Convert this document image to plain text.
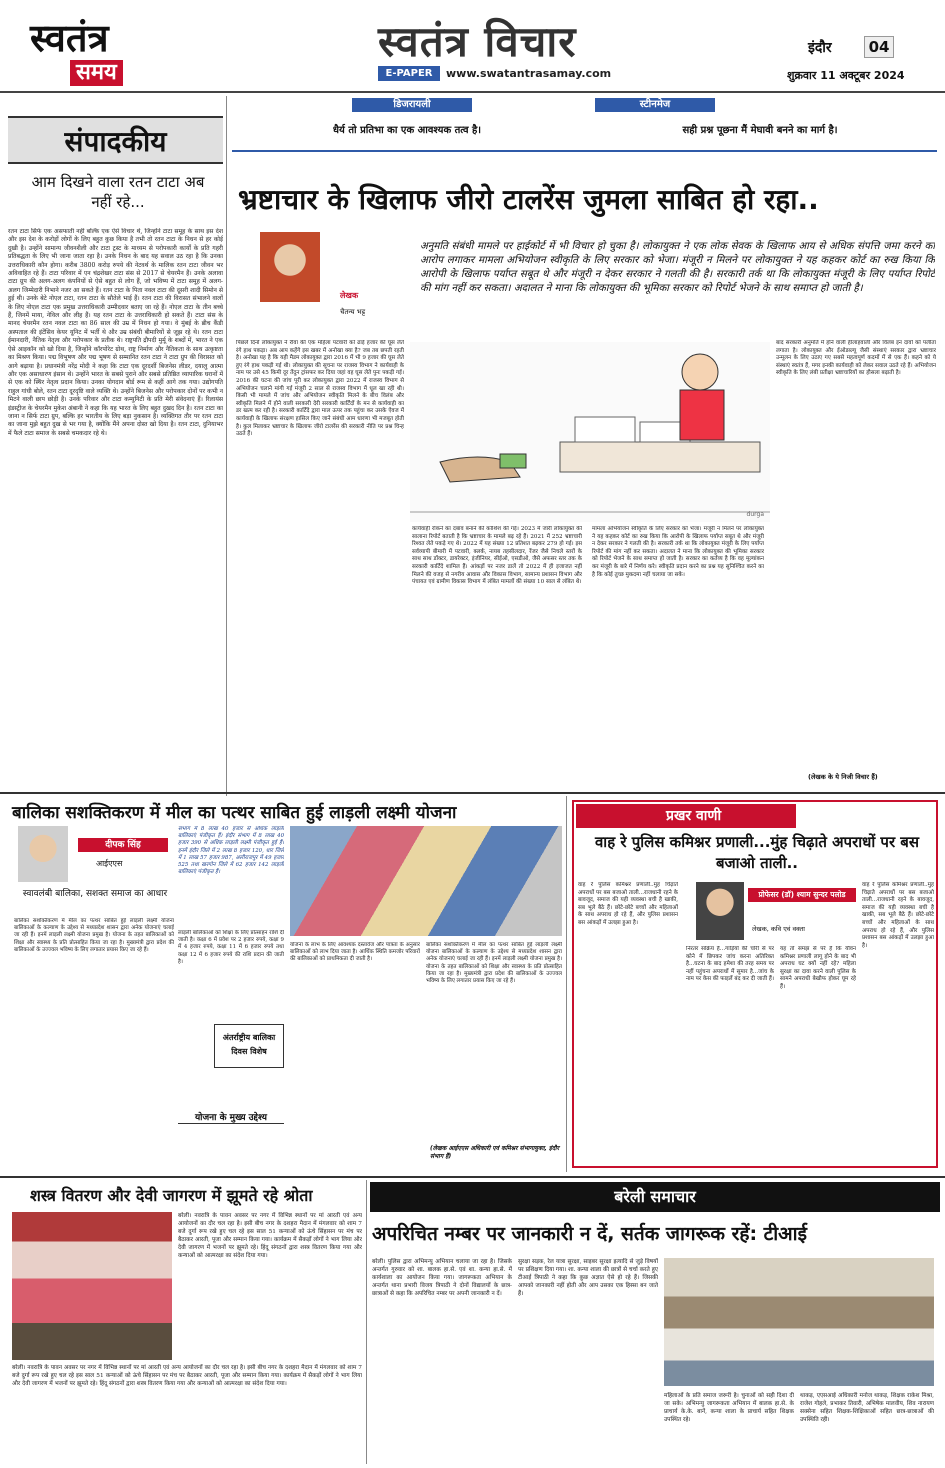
स्वतंत्र
समय
स्वतंत्र विचार
E-PAPER	www.swatantrasamay.com
इंदौर	04
शुक्रवार 11 अक्टूबर 2024
डिजरायली
धैर्य तो प्रतिभा का एक आवश्यक तत्व है।
स्टीनमेज
सही प्रश्न पूछना मैं मेघावी बनने का मार्ग है।
संपादकीय
आम दिखने वाला रतन टाटा अब नहीं रहे...
रतन टाटा सिर्फ एक असफाती नहीं बल्कि एक ऐसे विचार थे, जिन्होंने टाटा समूह के साथ इस देश और इस देश के करोड़ों लोगों के लिए बहुत कुछ किया है तभी तो रतन टाटा के निधन से हर कोई दुखी है। उन्होंने सामान्य जीवनशैली और टाटा ट्रस्ट के माध्यम से परोपकारी कार्यों के प्रति गहरी प्रतिबद्धता के लिए भी जाना जाता रहा है। उनके निधन के बाद यह सवाल उठ रहा है कि उनका उत्तराधिकारी कौन होगा। करीब 3800 करोड़ रुपये की नेटवर्थ के मालिक रतन टाटा जीवन भर अविवाहित रहे हैं। टाटा परिवार में एन चंद्रशेखर टाटा संस से 2017 से चेयरमैन हैं। उनके अलावा टाटा ग्रुप की अलग-अलग कंपनियों से ऐसे बहुत से लोग हैं, जो भविष्य में टाटा समूह में अलग-अलग जिम्मेदारी निभाने नजर आ सकते हैं। रतन टाटा के पिता नवल टाटा की दूसरी शादी सिमोन से हुई थी। उनके बेटे नोएल टाटा, रतन टाटा के सौतेले भाई हैं। रतन टाटा की विरासत संभालने वालों के लिए नोएल टाटा एक प्रमुख उत्तराधिकारी उम्मीदवार बताए जा रहे हैं। नोएल टाटा के तीन बच्चे हैं, जिनमें माया, नेविल और लीह हैं। यह रतन टाटा के उत्तराधिकारी हो सकते हैं। टाटा संस के मानद चेयरमैन रतन नवल टाटा का 86 साल की उम्र में निधन हो गया। वे मुंबई के ब्रीच कैंडी अस्पताल की इंटेंसिव केयर यूनिट में भर्ती थे और उम्र संबंधी बीमारियों से जूझ रहे थे। रतन टाटा ईमानदारी, नैतिक नेतृत्व और परोपकार के प्रतीक थे। राष्ट्रपति द्रौपदी मुर्मू के शब्दों में, भारत ने एक ऐसे आइकॉन को खो दिया है, जिन्होंने कॉरपोरेट ग्रोथ, राष्ट्र निर्माण और नैतिकता के साथ उत्कृष्टता का मिश्रण किया। पद्म विभूषण और पद्म भूषण से सम्मानित रतन टाटा ने टाटा ग्रुप की विरासत को आगे बढ़ाया है। प्रधानमंत्री नरेंद्र मोदी ने कहा कि टाटा एक दूरदर्शी बिजनेस लीडर, दयालु आत्मा और एक असाधारण इंसान थे। उन्होंने भारत के सबसे पुराने और सबसे प्रतिष्ठित व्यापारिक घरानों में से एक को स्थिर नेतृत्व प्रदान किया। उनका योगदान बोर्ड रूम से कहीं आगे तक गया। उद्योगपति राहुल गांधी बोले, रतन टाटा दूरदृष्टि वाले व्यक्ति थे। उन्होंने बिजनेस और परोपकार दोनों पर कभी न मिटने वाली छाप छोड़ी है। उनके परिवार और टाटा कम्युनिटी के प्रति मेरी संवेदनाएं हैं। रिलायंस इंडस्ट्रीज के चेयरमैन मुकेश अंबानी ने कहा कि यह भारत के लिए बहुत दुखद दिन है। रतन टाटा का जाना न सिर्फ टाटा ग्रुप, बल्कि हर भारतीय के लिए बड़ा नुकसान है। व्यक्तिगत तौर पर रतन टाटा का जाना मुझे बहुत दुख से भर गया है, क्योंकि मैंने अपना दोस्त खो दिया है। रतन टाटा, दुनियाभर में फैले टाटा समाज के सबसे चमकदार रहे थे।
भ्रष्टाचार के खिलाफ जीरो टालरेंस जुमला साबित हो रहा..
लेखक
चैतन्य भट्ट
अनुमति संबंधी मामले पर हाईकोर्ट में भी विचार हो चुका है। लोकायुक्त ने एक लोक सेवक के खिलाफ आय से अधिक संपत्ति जमा करने का आरोप लगाकर मामला अभियोजन स्वीकृति के लिए सरकार को भेजा। मंजूरी न मिलने पर लोकायुक्त ने यह कहकर कोर्ट का रुख किया कि आरोपी के खिलाफ पर्याप्त सबूत थे और मंजूरी न देकर सरकार ने गलती की है। सरकारी तर्क था कि लोकायुक्त मंजूरी के लिए पर्याप्त रिपोर्ट की मांग नहीं कर सकता। अदालत ने माना कि लोकायुक्त की भूमिका सरकार को रिपोर्ट भेजने के साथ समाप्त हो जाती है।
durga
पिछले दिनों लोकायुक्त ने रीवा की एक महिला पटवारी को ढाई हजार की घूस लेते रंगे हाथ पकड़ा। अब आप कहेंगे इस खबर में अनोखा क्या है? जब तब छपती रहती है। अनोखा यह है कि यही मैडम लोकायुक्त द्वारा 2016 में भी 9 हजार की घूस लेते हुए रंगे हाथ पकड़ी गई थी। लोकायुक्त की सूचना पर राजस्व विभाग ने कार्यवाही के नाम पर उसे 45 किमी दूर तेंदुन ट्रांसफर कर दिया जहां वह घूस लेते पुनः पकड़ी गई। 2016 की घटना की जांच पूरी कर लोकायुक्त द्वारा 2022 में राजस्व विभाग से अभियोजन चलाने मांगी गई मंजूरी 2 साल से राजस्व विभाग में धूल खा रही थी। किसी भी मामले में जांच और अभियोजन स्वीकृति मिलने के बीच विलंब और स्वीकृति मिलने में होने वाली सरकारी देरी सरकारी कार्टिंदों के मन से कार्यवाही का डर खत्म कर रही है। सरकारी कार्टिंदे द्वारा माल ऊपर तक पहुंचा कर उसके ऐवज में कार्यवाही के खिलाफ संरक्षण हासिल किए जाने संबंधी आम धारणा भी मजबूत होती है। कुल मिलाकर भ्रष्टाचार के खिलाफ जीरो टालरेंस की सरकारी नीति पर प्रश्न चिन्ह उठते हैं।
कार्यवाही रोकने का दबाव बनाने की कोशिश की गई। 2023 में जारी लोकायुक्त की सालाना रिपोर्ट बताती है कि भ्रष्टाचार के मामले बढ़ रहे हैं। 2021 में 252 भ्रष्टाचारी रिश्वत लेते पकड़े गए थे। 2022 में यह संख्या 12 प्रतिशत बढ़कर 279 हो गई। इस सर्वव्यापी बीमारी में पटवारी, क्लर्क, नायब तहसीलदार, रेंजर जैसे निचले स्तरों के साथ साथ डॉक्टर, डायरेक्टर, इंजीनियर, सीईओ, एसडीओ, जैसे अफसर स्तर तक के सरकारी कार्टिंदे शामिल हैं। आंकड़ों पर नजर डालें तो 2022 में ही इजाजत नहीं मिलने की वजह से नगरीय आवास और विकास विभाग, सामान्य प्रशासन विभाग और पंचायत एवं ग्रामीण विकास विभाग में लंबित मामलों की संख्या 10 साल से लंबित थे।
मामला अभियोजन स्वीकृति के लिए सरकार को भेजा। मंजूरी न मिलने पर लोकायुक्त ने यह कहकर कोर्ट का रुख किया कि आरोपी के खिलाफ पर्याप्त सबूत थे और मंजूरी न देकर सरकार ने गलती की है। सरकारी तर्क था कि लोकायुक्त मंजूरी के लिए पर्याप्त रिपोर्ट की मांग नहीं कर सकता। अदालत ने माना कि लोकायुक्त की भूमिका सरकार को रिपोर्ट भेजने के साथ समाप्त हो जाती है। सरकार का कर्तव्य है कि वह मूल्यांकन कर मंजूरी के बारे में निर्णय करे। स्वीकृति प्रदान करने का प्रश्न यह सुनिश्चित करने का है कि कोई तुच्छ मुकदमा नहीं चलाया जा सके।
बाद सरकारी अनुमति में होने वाली हीलाहवाली और विलंब इन दावों को पलीता लगाता है। लोकायुक्त और ईओडब्ल्यू जैसी संस्थाएं सरकार द्वारा भ्रष्टाचार उन्मूलन के लिए उठाए गए सबसे महत्वपूर्ण कदमों में से एक हैं। कहने को ये संस्थाएं स्वतंत्र हैं, मगर इनकी कार्यवाही को लेकर सवाल उठते रहे हैं। अभियोजन स्वीकृति के लिए लंबी प्रतीक्षा भ्रष्टाचारियों का हौसला बढ़ाती है।
(लेखक के ये निजी विचार हैं)
बालिका सशक्तिकरण में मील का पत्थर साबित हुई लाड़ली लक्ष्मी योजना
दीपक सिंह
आईएएस
स्वावलंबी बालिका, सशक्त समाज का आधार
बालिका सशक्तिकरण में मील का पत्थर साबित हुई लाड़ली लक्ष्मी योजना बालिकाओं के कल्याण के उद्देश्य से मध्यप्रदेश शासन द्वारा अनेक योजनाएं चलाई जा रही हैं। इनमें लाड़ली लक्ष्मी योजना प्रमुख है। योजना के तहत बालिकाओं को शिक्षा और स्वास्थ्य के प्रति प्रोत्साहित किया जा रहा है। मुख्यमंत्री द्वारा प्रदेश की बालिकाओं के उज्ज्वल भविष्य के लिए लगातार प्रयास किए जा रहे हैं।
संभाग में 8 लाख 40 हजार से अधिक लाड़ली बालिकाएं पंजीकृत हैं। इंदौर संभाग में 8 लाख 40 हजार 390 से अधिक लाड़ली लक्ष्मी पंजीकृत हुई हैं। इनमें इंदौर जिले में 2 लाख 8 हजार 120, धार जिले में 1 लाख 57 हजार 987, अलीराजपुर में 49 हजार 525 तथा खरगोन जिले में 62 हजार 142 लाड़ली बालिकाएं पंजीकृत हैं।
लाड़ली बालिकाओं को शिक्षा के लिए प्रोत्साहन राशि दी जाती है। कक्षा 6 में प्रवेश पर 2 हजार रुपये, कक्षा 9 में 4 हजार रुपये, कक्षा 11 में 6 हजार रुपये तथा कक्षा 12 में 6 हजार रुपये की राशि प्रदान की जाती है।
अंतर्राष्ट्रीय बालिका दिवस विशेष
योजना के मुख्य उद्देश्य
योजना के लाभ के लिए आवश्यक दस्तावेज और पात्रता के अनुसार बालिकाओं को लाभ दिया जाता है। आर्थिक स्थिति कमजोर परिवारों की बालिकाओं को प्राथमिकता दी जाती है।
बालिका सशक्तिकरण में मील का पत्थर साबित हुई लाड़ली लक्ष्मी योजना बालिकाओं के कल्याण के उद्देश्य से मध्यप्रदेश शासन द्वारा अनेक योजनाएं चलाई जा रही हैं। इनमें लाड़ली लक्ष्मी योजना प्रमुख है। योजना के तहत बालिकाओं को शिक्षा और स्वास्थ्य के प्रति प्रोत्साहित किया जा रहा है। मुख्यमंत्री द्वारा प्रदेश की बालिकाओं के उज्ज्वल भविष्य के लिए लगातार प्रयास किए जा रहे हैं।
(लेखक आईएएस अधिकारी एवं कमिश्नर संभागायुक्त, इंदौर संभाग हैं)
प्रखर वाणी
वाह रे पुलिस कमिश्नर प्रणाली...मुंह चिढ़ाते अपराधों पर बस बजाओ ताली..
वाह रे पुलिस कमिश्नर प्रणाली..मुंह चिढ़ाते अपराधों पर बस बजाओ ताली...राजधानी रहने के बावजूद, समाज की यही व्यवस्था बची है खाकी, सब भूले बैठे हैं। छोटे-छोटे बच्चों और महिलाओं के साथ अपराध हो रहे हैं, और पुलिस प्रशासन बस आंकड़ों में उलझा हुआ है।
प्रोफेसर (डॉ) श्याम सुन्दर पलोड
लेखक, कवि एवं वक्ता
निरंतर सक्रिय है...गाड़ियों की चोरी से पर कोने में छिपकर जांच करना अतिरिक्त है...घटना के बाद हमेशा की तरह समय पर नहीं पहुंचना अपराधों में सुमार है...जांच के नाम पर केस की फाइलें बंद कर दी जाती हैं।
यह तो समझ से परे है कि यौवन कमिश्नर प्रणाली लागू होने के बाद भी अपराध घट क्यों नहीं रहे? महिला सुरक्षा का दावा करने वाली पुलिस के सामने अपराधी बेखौफ होकर घूम रहे हैं।
वाह रे पुलिस कमिश्नर प्रणाली..मुंह चिढ़ाते अपराधों पर बस बजाओ ताली...राजधानी रहने के बावजूद, समाज की यही व्यवस्था बची है खाकी, सब भूले बैठे हैं। छोटे-छोटे बच्चों और महिलाओं के साथ अपराध हो रहे हैं, और पुलिस प्रशासन बस आंकड़ों में उलझा हुआ है।
शस्त्र वितरण और देवी जागरण में झूमते रहे श्रोता
बरेली। नवरात्रि के पावन अवसर पर नगर में विभिन्न स्थानों पर मां आरती एवं अन्य आयोजनों का दौर चल रहा है। इसी बीच नगर के दशहरा मैदान में मंगलवार को शाम 7 बजे दुर्गा रूप रखे हुए चल रहे इस साल 51 कन्याओं को ऊंचे सिंहासन पर मंच पर बैठाकर आरती, पूजा और सम्मान किया गया। कार्यक्रम में सैकड़ों लोगों ने भाग लिया और देवी जागरण में भजनों पर झूमते रहे। हिंदू संगठनों द्वारा शस्त्र वितरण किया गया और कन्याओं को आत्मरक्षा का संदेश दिया गया।
बरेली। नवरात्रि के पावन अवसर पर नगर में विभिन्न स्थानों पर मां आरती एवं अन्य आयोजनों का दौर चल रहा है। इसी बीच नगर के दशहरा मैदान में मंगलवार को शाम 7 बजे दुर्गा रूप रखे हुए चल रहे इस साल 51 कन्याओं को ऊंचे सिंहासन पर मंच पर बैठाकर आरती, पूजा और सम्मान किया गया। कार्यक्रम में सैकड़ों लोगों ने भाग लिया और देवी जागरण में भजनों पर झूमते रहे। हिंदू संगठनों द्वारा शस्त्र वितरण किया गया और कन्याओं को आत्मरक्षा का संदेश दिया गया।
बरेली समाचार
अपरिचित नम्बर पर जानकारी न दें, सर्तक जागरूक रहें: टीआई
बरेली। पुलिस द्वारा अभिमन्यु अभियान चलाया जा रहा है। जिसके अन्तर्गत गुरुवार को शा. बालक हा.से. एवं शा. कन्या हा.से. में कार्यशाला का आयोजन किया गया। जागरूकता अभियान के अन्तर्गत थाना प्रभारी विजय त्रिपाठी ने दोनों विद्यालयों के छात्र-छात्राओं से कहा कि अपरिचित नम्बर पर अपनी जानकारी न दें।
सुरक्षा सड़क, रेल यात्रा सुरक्षा, साइबर सुरक्षा इत्यादि से जुड़े विषयों पर प्रशिक्षण दिया गया। शा. कन्या शाला की छात्रों से चर्चा करते हुए टीआई त्रिपाठी ने कहा कि कुछ अज्ञात ऐसे हो रहे हैं। जिसकी आपको जानकारी नहीं होती और आप उसका एक हिस्सा बन जाते हैं।
महिलाओं के प्रति समाज जरूरी है। चुनाओं को सही दिशा दी जा सके। अभिमन्यु जागरूकता अभियान में बालक हा.से. के प्राचार्य के.के. बानें, कन्या शाला के प्राचार्य सहित शिक्षक उपस्थित रहे।
थाकड़, एएसआई अधिकारी मनोज थाकड़, शिक्षक राकेश मिश्रा, राजेश गोहले, प्रभाकर तिवारी, अभिषेक मालवीय, शिव नारायण सक्सेना सहित शिक्षक-शिक्षिकाओं सहित छात्र-छात्राओं की उपस्थिति रही।
